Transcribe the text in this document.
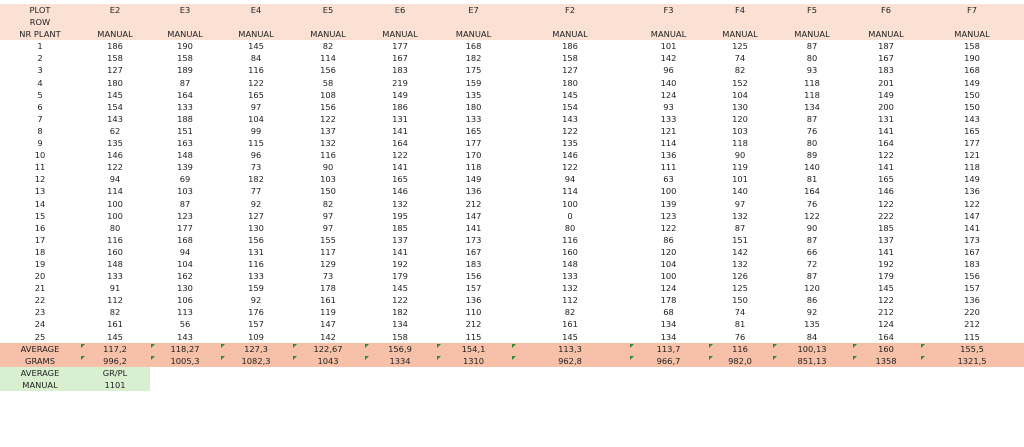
PLOT	E2	E3	E4	E5	E6	E7	F2	F3	F4	F5	F6	F7
ROW												
NR PLANT	MANUAL	MANUAL	MANUAL	MANUAL	MANUAL	MANUAL	MANUAL	MANUAL	MANUAL	MANUAL	MANUAL	MANUAL
1	186	190	145	82	177	168	186	101	125	87	187	158
2	158	158	84	114	167	182	158	142	74	80	167	190
3	127	189	116	156	183	175	127	96	82	93	183	168
4	180	87	122	58	219	159	180	140	152	118	201	149
5	145	164	165	108	149	135	145	124	104	118	149	150
6	154	133	97	156	186	180	154	93	130	134	200	150
7	143	188	104	122	131	133	143	133	120	87	131	143
8	62	151	99	137	141	165	122	121	103	76	141	165
9	135	163	115	132	164	177	135	114	118	80	164	177
10	146	148	96	116	122	170	146	136	90	89	122	121
11	122	139	73	90	141	118	122	111	119	140	141	118
12	94	69	182	103	165	149	94	63	101	81	165	149
13	114	103	77	150	146	136	114	100	140	164	146	136
14	100	87	92	82	132	212	100	139	97	76	122	122
15	100	123	127	97	195	147	0	123	132	122	222	147
16	80	177	130	97	185	141	80	122	87	90	185	141
17	116	168	156	155	137	173	116	86	151	87	137	173
18	160	94	131	117	141	167	160	120	142	66	141	167
19	148	104	116	129	192	183	148	104	132	72	192	183
20	133	162	133	73	179	156	133	100	126	87	179	156
21	91	130	159	178	145	157	132	124	125	120	145	157
22	112	106	92	161	122	136	112	178	150	86	122	136
23	82	113	176	119	182	110	82	68	74	92	212	220
24	161	56	157	147	134	212	161	134	81	135	124	212
25	145	143	109	142	158	115	145	134	76	84	164	115
AVERAGE	117,2	118,27	127,3	122,67	156,9	154,1	113,3	113,7	116	100,13	160	155,5
GRAMS	996,2	1005,3	1082,3	1043	1334	1310	962,8	966,7	982,0	851,13	1358	1321,5
AVERAGE	GR/PL											
MANUAL	1101											
